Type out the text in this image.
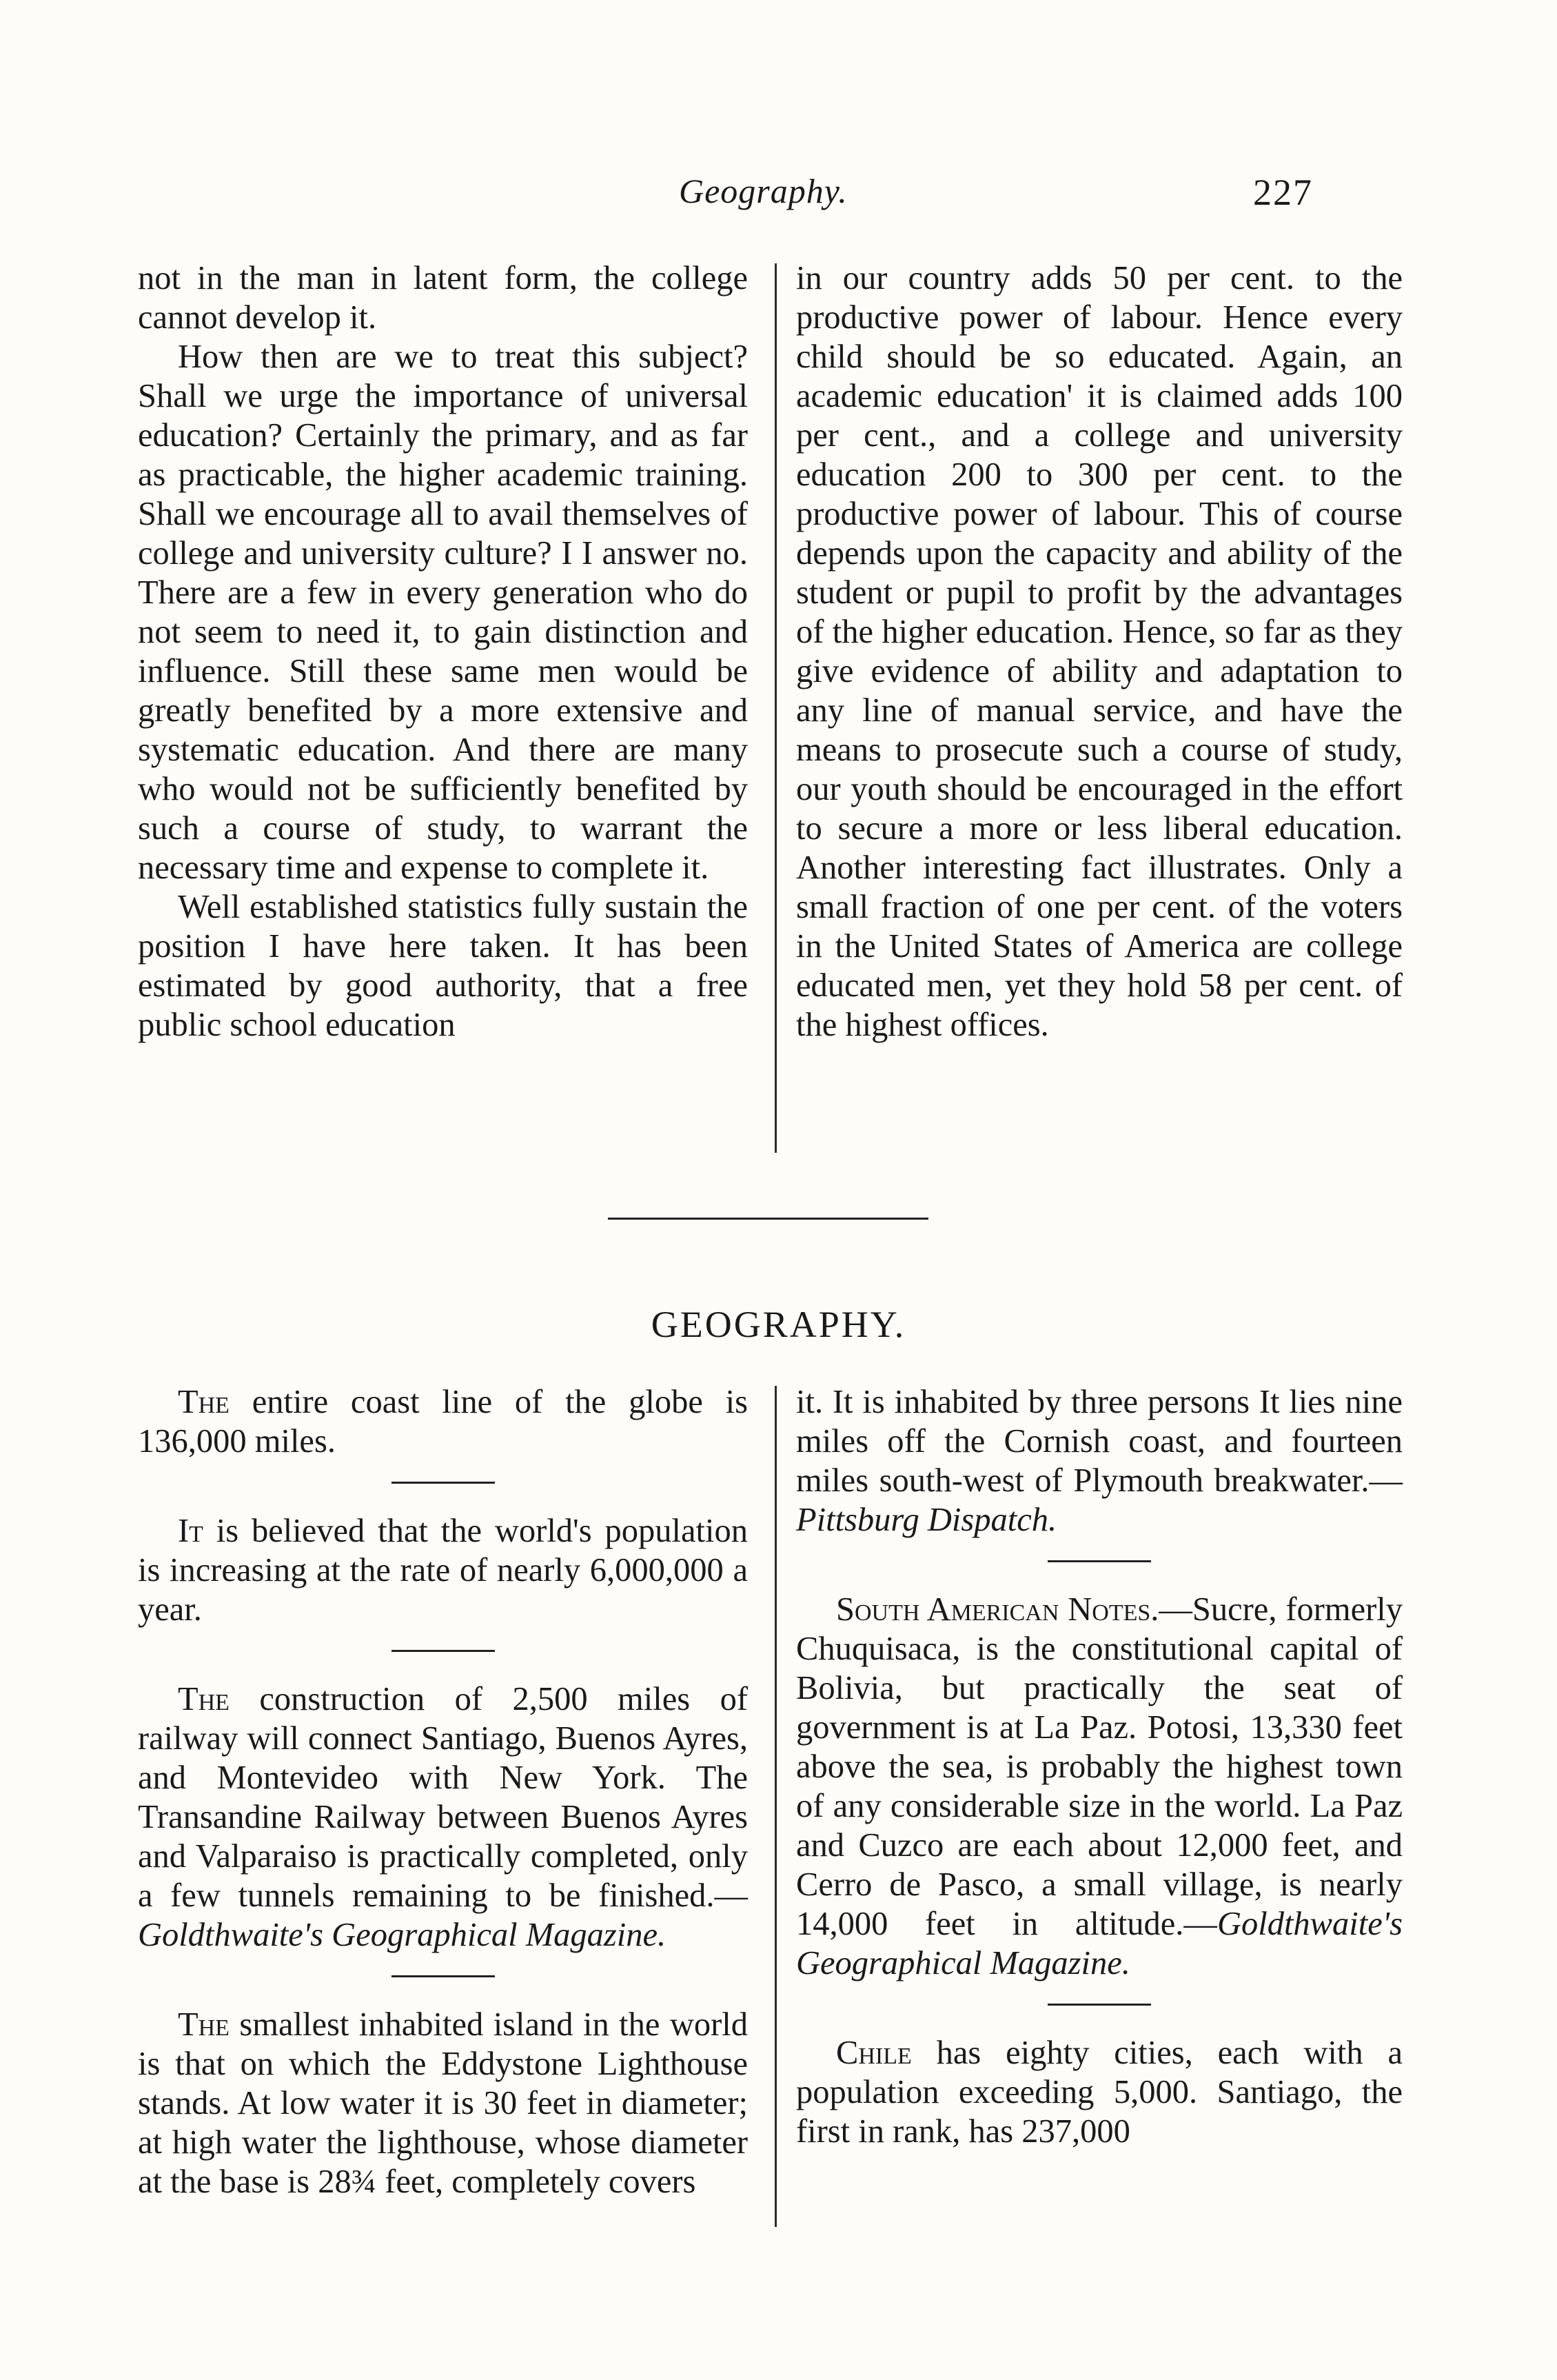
Geography.	227

not in the man in latent form, the college cannot develop it.

How then are we to treat this subject? Shall we urge the importance of universal education? Certainly the primary, and as far as practicable, the higher academic training. Shall we encourage all to avail themselves of college and university culture? I I answer no. There are a few in every generation who do not seem to need it, to gain distinction and influence. Still these same men would be greatly benefited by a more extensive and systematic education. And there are many who would not be sufficiently benefited by such a course of study, to warrant the necessary time and expense to complete it.

Well established statistics fully sustain the position I have here taken. It has been estimated by good authority, that a free public school education

in our country adds 50 per cent. to the productive power of labour. Hence every child should be so educated. Again, an academic education' it is claimed adds 100 per cent., and a college and university education 200 to 300 per cent. to the productive power of labour. This of course depends upon the capacity and ability of the student or pupil to profit by the advantages of the higher education. Hence, so far as they give evidence of ability and adaptation to any line of manual service, and have the means to prosecute such a course of study, our youth should be encouraged in the effort to secure a more or less liberal education. Another interesting fact illustrates. Only a small fraction of one per cent. of the voters in the United States of America are college educated men, yet they hold 58 per cent. of the highest offices.

GEOGRAPHY.

The entire coast line of the globe is 136,000 miles.

It is believed that the world's population is increasing at the rate of nearly 6,000,000 a year.

The construction of 2,500 miles of railway will connect Santiago, Buenos Ayres, and Montevideo with New York. The Transandine Railway between Buenos Ayres and Valparaiso is practically completed, only a few tunnels remaining to be finished.—Goldthwaite's Geographical Magazine.

The smallest inhabited island in the world is that on which the Eddystone Lighthouse stands. At low water it is 30 feet in diameter; at high water the lighthouse, whose diameter at the base is 28¾ feet, completely covers

it. It is inhabited by three persons It lies nine miles off the Cornish coast, and fourteen miles south-west of Plymouth breakwater.—Pittsburg Dispatch.

South American Notes.—Sucre, formerly Chuquisaca, is the constitutional capital of Bolivia, but practically the seat of government is at La Paz. Potosi, 13,330 feet above the sea, is probably the highest town of any considerable size in the world. La Paz and Cuzco are each about 12,000 feet, and Cerro de Pasco, a small village, is nearly 14,000 feet in altitude.—Goldthwaite's Geographical Magazine.

Chile has eighty cities, each with a population exceeding 5,000. Santiago, the first in rank, has 237,000
